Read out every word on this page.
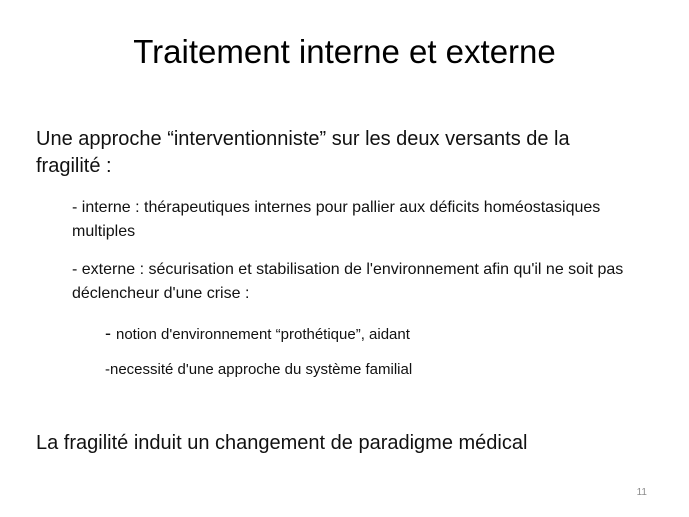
Traitement interne et externe
Une approche “interventionniste” sur les deux versants de la fragilité :
- interne : thérapeutiques internes pour pallier aux déficits homéostasiques multiples
- externe : sécurisation et stabilisation de l'environnement afin qu'il ne soit pas déclencheur d'une crise :
- notion d'environnement “prothétique”, aidant
-necessité d'une approche du système familial
La fragilité induit un changement de paradigme médical
11
